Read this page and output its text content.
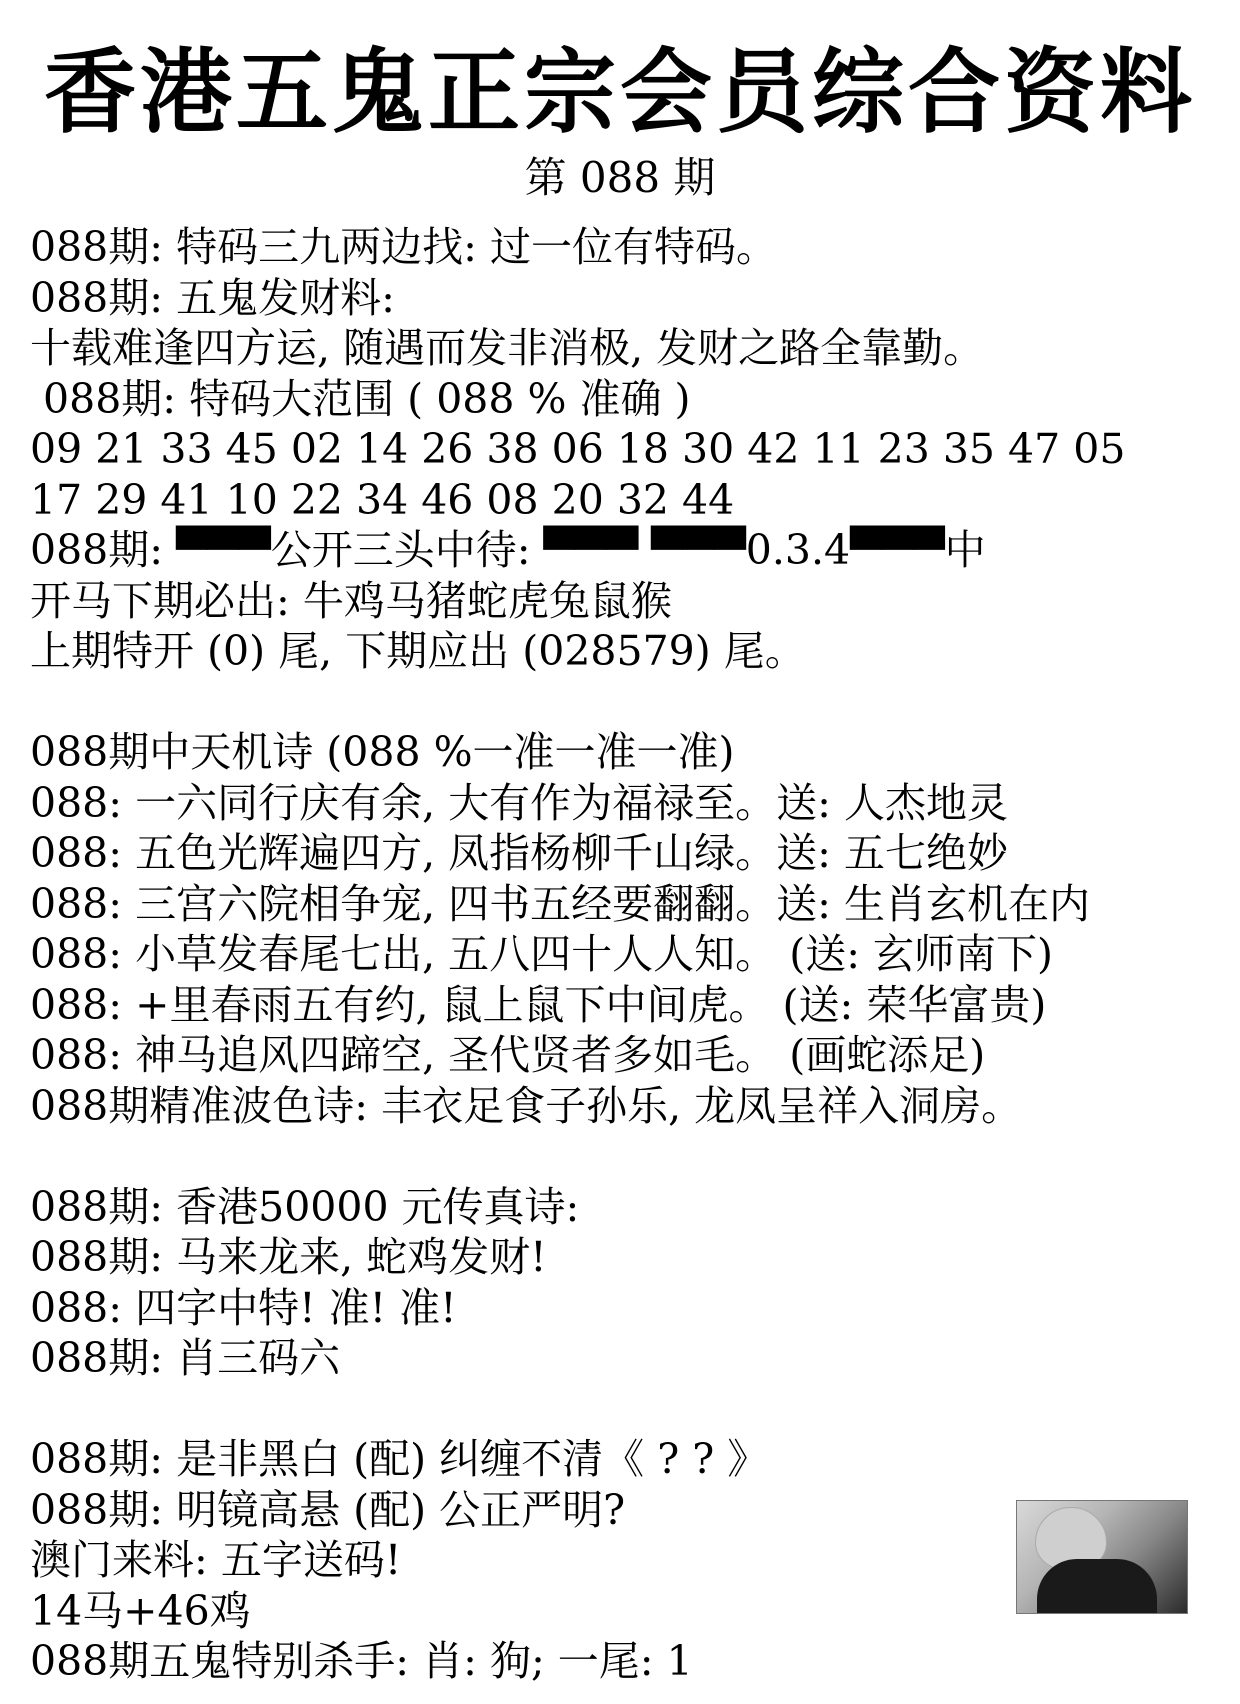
香港五鬼正宗会员综合资料
第 088 期
088期: 特码三九两边找: 过一位有特码。
088期: 五鬼发财料:
十载难逢四方运, 随遇而发非消极, 发财之路全靠勤。
088期: 特码大范围 ( 088 % 准确 )
09 21 33 45 02 14 26 38 06 18 30 42 11 23 35 47 05
17 29 41 10 22 34 46 08 20 32 44
088期: ▀▀▀公开三头中待: ▀▀▀ ▀▀▀0.3.4▀▀▀中
开马下期必出: 牛鸡马猪蛇虎兔鼠猴
上期特开 (0) 尾, 下期应出 (028579) 尾。
088期中天机诗 (088 %一准一准一准)
088: 一六同行庆有余, 大有作为福禄至。送: 人杰地灵
088: 五色光辉遍四方, 凤指杨柳千山绿。送: 五七绝妙
088: 三宫六院相争宠, 四书五经要翻翻。送: 生肖玄机在内
088: 小草发春尾七出, 五八四十人人知。 (送: 玄师南下)
088: +里春雨五有约, 鼠上鼠下中间虎。 (送: 荣华富贵)
088: 神马追风四蹄空, 圣代贤者多如毛。 (画蛇添足)
088期精准波色诗: 丰衣足食子孙乐, 龙凤呈祥入洞房。
088期: 香港50000 元传真诗:
088期: 马来龙来, 蛇鸡发财!
088: 四字中特! 准! 准!
088期: 肖三码六
088期: 是非黑白 (配) 纠缠不清《 ? ? 》
088期: 明镜高悬 (配) 公正严明?
澳门来料: 五字送码!
14马+46鸡
088期五鬼特别杀手: 肖: 狗; 一尾: 1
